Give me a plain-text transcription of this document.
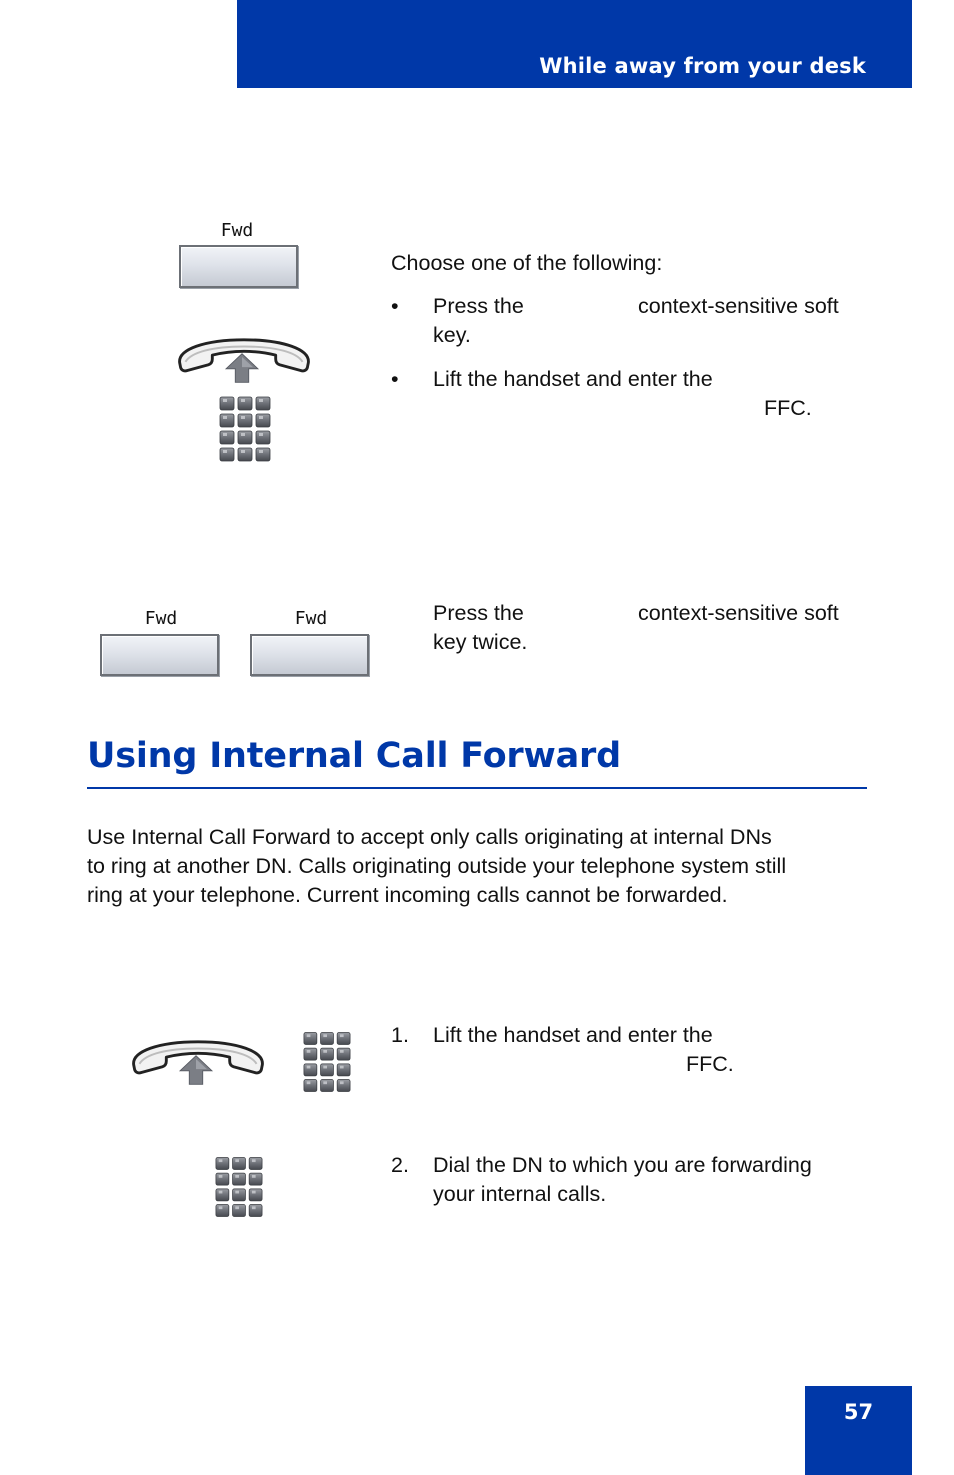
While away from your desk
Fwd
Choose one of the following:
• Press the	context-sensitive soft
key.
• Lift the handset and enter the
FFC.
Fwd	Fwd	Press the	context-sensitive soft
key twice.
Using Internal Call Forward
Use Internal Call Forward to accept only calls originating at internal DNs
to ring at another DN. Calls originating outside your telephone system still
ring at your telephone. Current incoming calls cannot be forwarded.
1. Lift the handset and enter the
FFC.
2. Dial the DN to which you are forwarding
your internal calls.
57
